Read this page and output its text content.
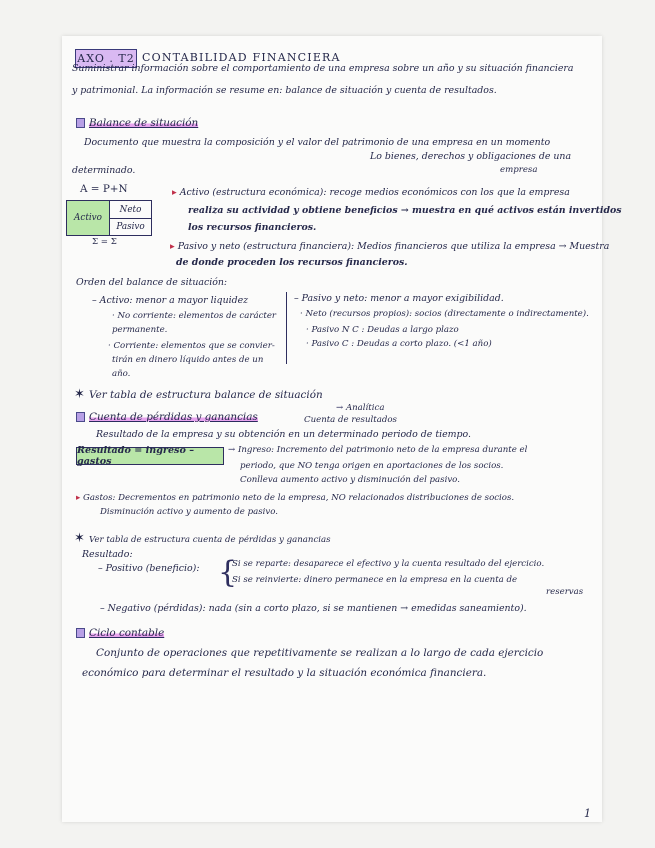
AXO . T2 CONTABILIDAD FINANCIERA
Suministrar información sobre el comportamiento de una empresa sobre un año y su situación financiera
y patrimonial. La información se resume en: balance de situación y cuenta de resultados.
Balance de situación
Documento que muestra la composición y el valor del patrimonio de una empresa en un momento
Lo bienes, derechos y obligaciones de una
determinado.	empresa
A = P+N
Activo
Neto
Pasivo
Σ = Σ
▸ Activo (estructura económica): recoge medios económicos con los que la empresa
realiza su actividad y obtiene beneficios → muestra en qué activos están invertidos
los recursos financieros.
▸ Pasivo y neto (estructura financiera): Medios financieros que utiliza la empresa → Muestra
de donde proceden los recursos financieros.
Orden del balance de situación:
– Activo: menor a mayor liquidez
· No corriente: elementos de carácter
permanente.
· Corriente: elementos que se convier-
tirán en dinero líquido antes de un
año.
– Pasivo y neto: menor a mayor exigibilidad.
· Neto (recursos propios): socios (directamente o indirectamente).
· Pasivo N C : Deudas a largo plazo
· Pasivo C : Deudas a corto plazo. (<1 año)
✶ Ver tabla de estructura balance de situación
Cuenta de pérdidas y ganancias
→ Analítica
Cuenta de resultados
Resultado de la empresa y su obtención en un determinado periodo de tiempo.
Resultado = ingreso – gastos
→ Ingreso: Incremento del patrimonio neto de la empresa durante el
periodo, que NO tenga origen en aportaciones de los socios.
Conlleva aumento activo y disminución del pasivo.
▸ Gastos: Decrementos en patrimonio neto de la empresa, NO relacionados distribuciones de socios.
Disminución activo y aumento de pasivo.
✶ Ver tabla de estructura cuenta de pérdidas y ganancias
Resultado:
– Positivo (beneficio): {
Si se reparte: desaparece el efectivo y la cuenta resultado del ejercicio.
Si se reinvierte: dinero permanece en la empresa en la cuenta de
reservas
– Negativo (pérdidas): nada (sin a corto plazo, si se mantienen → emedidas saneamiento).
Ciclo contable
Conjunto de operaciones que repetitivamente se realizan a lo largo de cada ejercicio
económico para determinar el resultado y la situación económica financiera.
1
